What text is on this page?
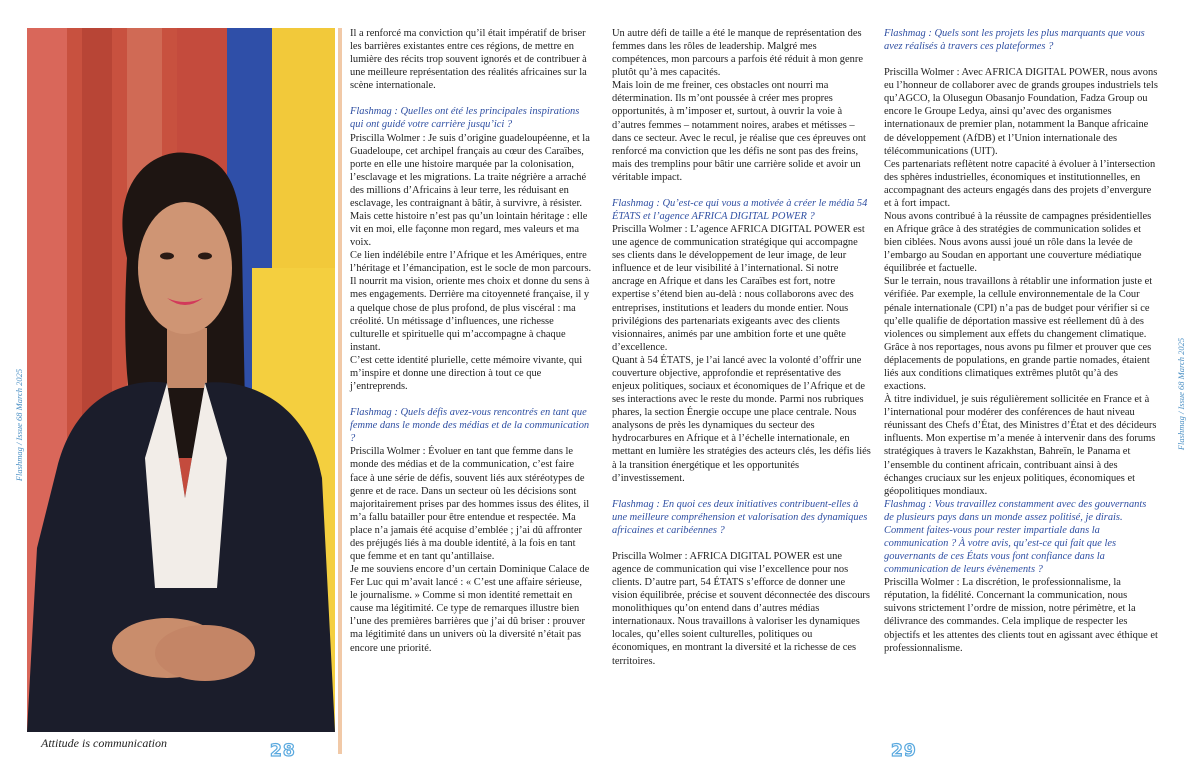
Attitude is communication	28	29
Flashmag / Issue 68 March 2025	Flashmag / Issue 68 March 2025

Il a renforcé ma conviction qu’il était impératif de briser les barrières existantes entre ces régions, de mettre en lumière des récits trop souvent ignorés et de contribuer à une meilleure représentation des réalités africaines sur la scène internationale.

Flashmag : Quelles ont été les principales inspirations qui ont guidé votre carrière jusqu’ici ?

Priscilla Wolmer : Je suis d’origine guadeloupéenne, et la Guadeloupe, cet archipel français au cœur des Caraïbes, porte en elle une histoire marquée par la colonisation, l’esclavage et les migrations. La traite négrière a arraché des millions d’Africains à leur terre, les réduisant en esclavage, les contraignant à bâtir, à survivre, à résister. Mais cette histoire n’est pas qu’un lointain héritage : elle vit en moi, elle façonne mon regard, mes valeurs et ma voix.

Ce lien indélébile entre l’Afrique et les Amériques, entre l’héritage et l’émancipation, est le socle de mon parcours. Il nourrit ma vision, oriente mes choix et donne du sens à mes engagements. Derrière ma citoyenneté française, il y a quelque chose de plus profond, de plus viscéral : ma créolité. Un métissage d’influences, une richesse culturelle et spirituelle qui m’accompagne à chaque instant.

C’est cette identité plurielle, cette mémoire vivante, qui m’inspire et donne une direction à tout ce que j’entreprends.

Flashmag : Quels défis avez-vous rencontrés en tant que femme dans le monde des médias et de la communication ?

Priscilla Wolmer : Évoluer en tant que femme dans le monde des médias et de la communication, c’est faire face à une série de défis, souvent liés aux stéréotypes de genre et de race. Dans un secteur où les décisions sont majoritairement prises par des hommes issus des élites, il m’a fallu batailler pour être entendue et respectée. Ma place n’a jamais été acquise d’emblée ; j’ai dû affronter des préjugés liés à ma double identité, à la fois en tant que femme et en tant qu’antillaise.

Je me souviens encore d’un certain Dominique Calace de Fer Luc qui m’avait lancé : « C’est une affaire sérieuse, le journalisme. » Comme si mon identité remettait en cause ma légitimité. Ce type de remarques illustre bien l’une des premières barrières que j’ai dû briser : prouver ma légitimité dans un univers où la diversité n’était pas encore une priorité.

Un autre défi de taille a été le manque de représentation des femmes dans les rôles de leadership. Malgré mes compétences, mon parcours a parfois été réduit à mon genre plutôt qu’à mes capacités.

Mais loin de me freiner, ces obstacles ont nourri ma détermination. Ils m’ont poussée à créer mes propres opportunités, à m’imposer et, surtout, à ouvrir la voie à d’autres femmes – notamment noires, arabes et métisses – dans ce secteur. Avec le recul, je réalise que ces épreuves ont renforcé ma conviction que les défis ne sont pas des freins, mais des tremplins pour bâtir une carrière solide et avoir un véritable impact.

Flashmag : Qu’est-ce qui vous a motivée à créer le média 54 ÉTATS et l’agence AFRICA DIGITAL POWER ?

Priscilla Wolmer : L’agence AFRICA DIGITAL POWER est une agence de communication stratégique qui accompagne ses clients dans le développement de leur image, de leur influence et de leur visibilité à l’international. Si notre ancrage en Afrique et dans les Caraïbes est fort, notre expertise s’étend bien au-delà : nous collaborons avec des entreprises, institutions et leaders du monde entier. Nous privilégions des partenariats exigeants avec des clients visionnaires, animés par une ambition forte et une quête d’excellence.

Quant à 54 ÉTATS, je l’ai lancé avec la volonté d’offrir une couverture objective, approfondie et représentative des enjeux politiques, sociaux et économiques de l’Afrique et de ses interactions avec le reste du monde. Parmi nos rubriques phares, la section Énergie occupe une place centrale. Nous analysons de près les dynamiques du secteur des hydrocarbures en Afrique et à l’échelle internationale, en mettant en lumière les stratégies des acteurs clés, les défis liés à la transition énergétique et les opportunités d’investissement.

Flashmag : En quoi ces deux initiatives contribuent-elles à une meilleure compréhension et valorisation des dynamiques africaines et caribéennes ?

Priscilla Wolmer : AFRICA DIGITAL POWER est une agence de communication qui vise l’excellence pour nos clients. D’autre part, 54 ÉTATS s’efforce de donner une vision équilibrée, précise et souvent déconnectée des discours monolithiques qu’on entend dans d’autres médias internationaux. Nous travaillons à valoriser les dynamiques locales, qu’elles soient culturelles, politiques ou économiques, en montrant la diversité et la richesse de ces territoires.

Flashmag : Quels sont les projets les plus marquants que vous avez réalisés à travers ces plateformes ?

Priscilla Wolmer : Avec AFRICA DIGITAL POWER, nous avons eu l’honneur de collaborer avec de grands groupes industriels tels qu’AGCO, la Olusegun Obasanjo Foundation, Fadza Group ou encore le Groupe Ledya, ainsi qu’avec des organismes internationaux de premier plan, notamment la Banque africaine de développement (AfDB) et l’Union internationale des télécommunications (UIT).

Ces partenariats reflètent notre capacité à évoluer à l’intersection des sphères industrielles, économiques et institutionnelles, en accompagnant des acteurs engagés dans des projets d’envergure et à fort impact.

Nous avons contribué à la réussite de campagnes présidentielles en Afrique grâce à des stratégies de communication solides et bien ciblées. Nous avons aussi joué un rôle dans la levée de l’embargo au Soudan en apportant une couverture médiatique équilibrée et factuelle.

Sur le terrain, nous travaillons à rétablir une information juste et vérifiée. Par exemple, la cellule environnementale de la Cour pénale internationale (CPI) n’a pas de budget pour vérifier si ce qu’elle qualifie de déportation massive est réellement dû à des violences ou simplement aux effets du changement climatique. Grâce à nos reportages, nous avons pu filmer et prouver que ces déplacements de populations, en grande partie nomades, étaient liés aux conditions climatiques extrêmes plutôt qu’à des exactions.

À titre individuel, je suis régulièrement sollicitée en France et à l’international pour modérer des conférences de haut niveau réunissant des Chefs d’État, des Ministres d’État et des décideurs influents. Mon expertise m’a menée à intervenir dans des forums stratégiques à travers le Kazakhstan, Bahreïn, le Panama et l’ensemble du continent africain, contribuant ainsi à des échanges cruciaux sur les enjeux politiques, économiques et géopolitiques mondiaux.

Flashmag : Vous travaillez constamment avec des gouvernants de plusieurs pays dans un monde assez politisé, je dirais. Comment faites-vous pour rester impartiale dans la communication ? À votre avis, qu’est-ce qui fait que les gouvernants de ces États vous font confiance dans la communication de leurs évènements ?

Priscilla Wolmer : La discrétion, le professionnalisme, la réputation, la fidélité. Concernant la communication, nous suivons strictement l’ordre de mission, notre périmètre, et la délivrance des commandes. Cela implique de respecter les objectifs et les attentes des clients tout en agissant avec éthique et professionnalisme.
